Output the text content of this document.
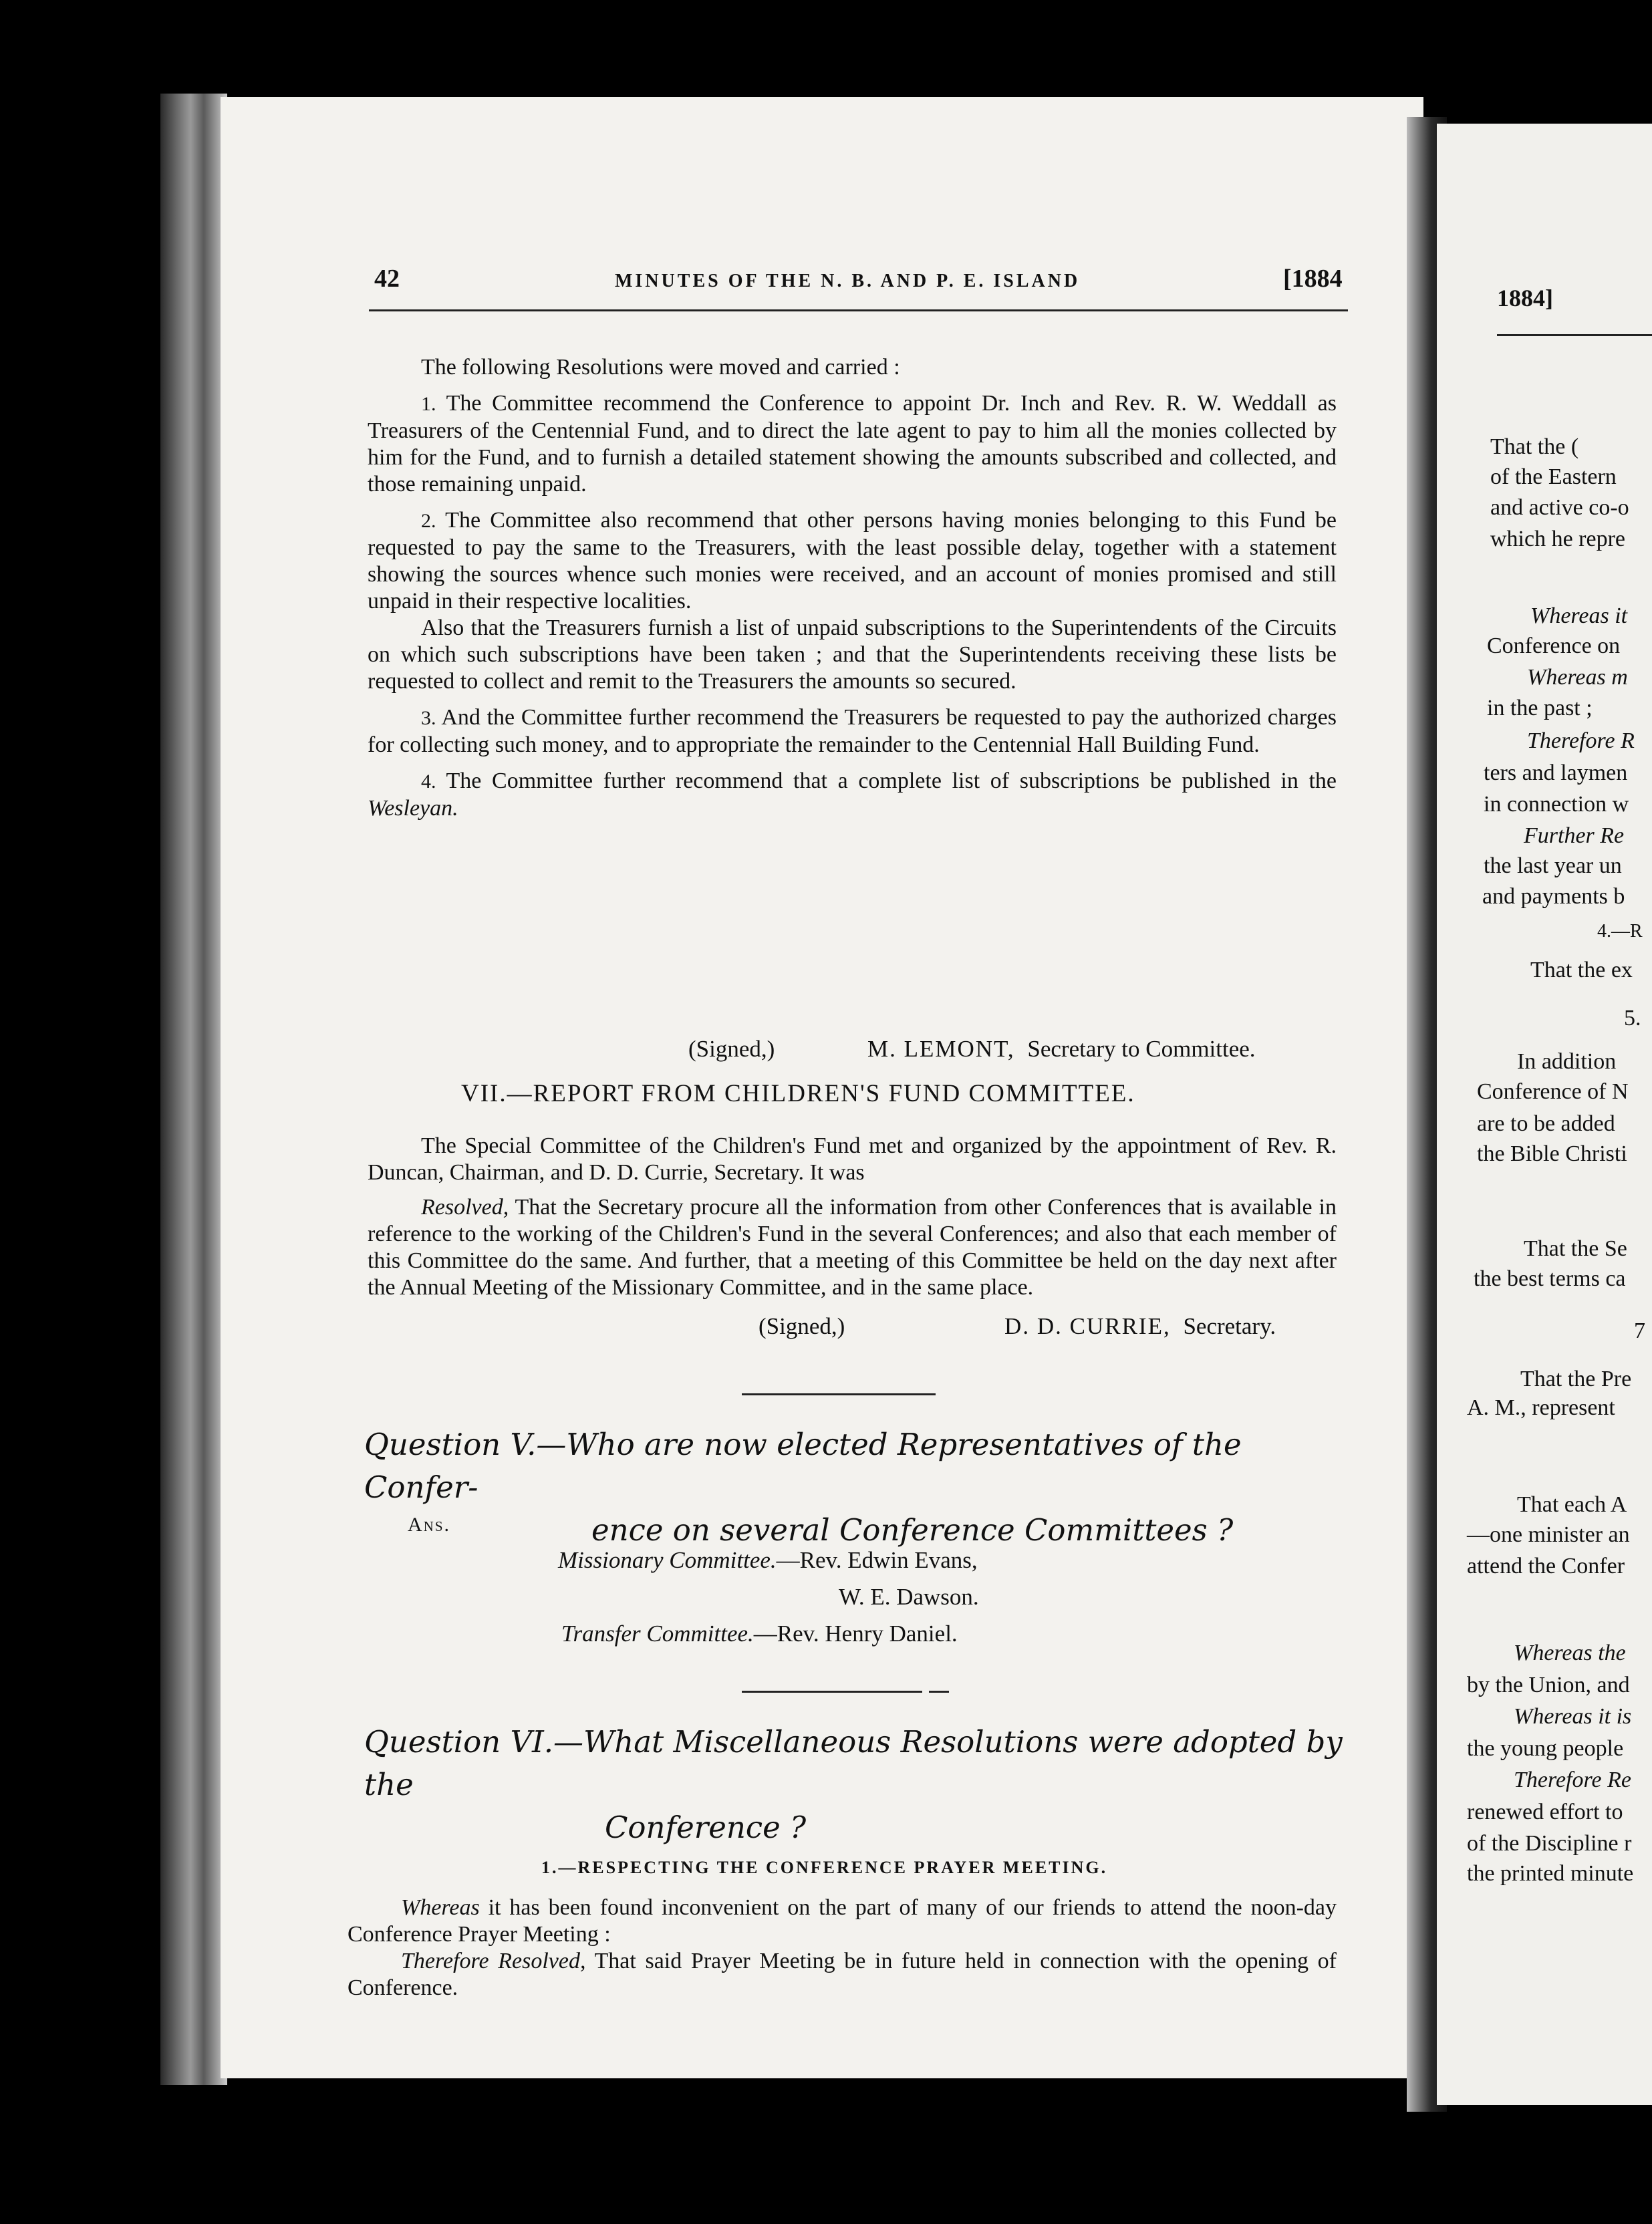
42	MINUTES OF THE N. B. AND P. E. ISLAND	[1884

The following Resolutions were moved and carried :

1. The Committee recommend the Conference to appoint Dr. Inch and Rev. R. W. Weddall as Treasurers of the Centennial Fund, and to direct the late agent to pay to him all the monies collected by him for the Fund, and to furnish a detailed statement showing the amounts subscribed and collected, and those remaining unpaid.

2. The Committee also recommend that other persons having monies belonging to this Fund be requested to pay the same to the Treasurers, with the least possible delay, together with a statement showing the sources whence such monies were received, and an account of monies promised and still unpaid in their respective localities.

Also that the Treasurers furnish a list of unpaid subscriptions to the Superintendents of the Circuits on which such subscriptions have been taken ; and that the Superintendents receiving these lists be requested to collect and remit to the Treasurers the amounts so secured.

3. And the Committee further recommend the Treasurers be requested to pay the authorized charges for collecting such money, and to appropriate the remainder to the Centennial Hall Building Fund.

4. The Committee further recommend that a complete list of subscriptions be published in the Wesleyan.

(Signed,)	M. LEMONT, Secretary to Committee.
VII.—REPORT FROM CHILDREN'S FUND COMMITTEE.

The Special Committee of the Children's Fund met and organized by the appointment of Rev. R. Duncan, Chairman, and D. D. Currie, Secretary. It was

Resolved, That the Secretary procure all the information from other Conferences that is available in reference to the working of the Children's Fund in the several Conferences; and also that each member of this Committee do the same. And further, that a meeting of this Committee be held on the day next after the Annual Meeting of the Missionary Committee, and in the same place.

(Signed,)	D. D. CURRIE, Secretary.
Question V.—Who are now elected Representatives of the Confer-
ence on several Conference Committees ?
Ans.
Missionary Committee.—Rev. Edwin Evans,
W. E. Dawson.
Transfer Committee.—Rev. Henry Daniel.
Question VI.—What Miscellaneous Resolutions were adopted by the
Conference ?
1.—RESPECTING THE CONFERENCE PRAYER MEETING.

Whereas it has been found inconvenient on the part of many of our friends to attend the noon-day Conference Prayer Meeting :

Therefore Resolved, That said Prayer Meeting be in future held in connection with the opening of Conference.

1884]
That the (
of the Eastern
and active co-o
which he repre
Whereas it
Conference on
Whereas m
in the past ;
Therefore R
ters and laymen
in connection w
Further Re
the last year un
and payments b
4.—R
That the ex
5.
In addition
Conference of N
are to be added
the Bible Christi
That the Se
the best terms ca
7
That the Pre
A. M., represent
That each A
—one minister an
attend the Confer
Whereas the
by the Union, and
Whereas it is
the young people
Therefore Re
renewed effort to
of the Discipline r
the printed minute
